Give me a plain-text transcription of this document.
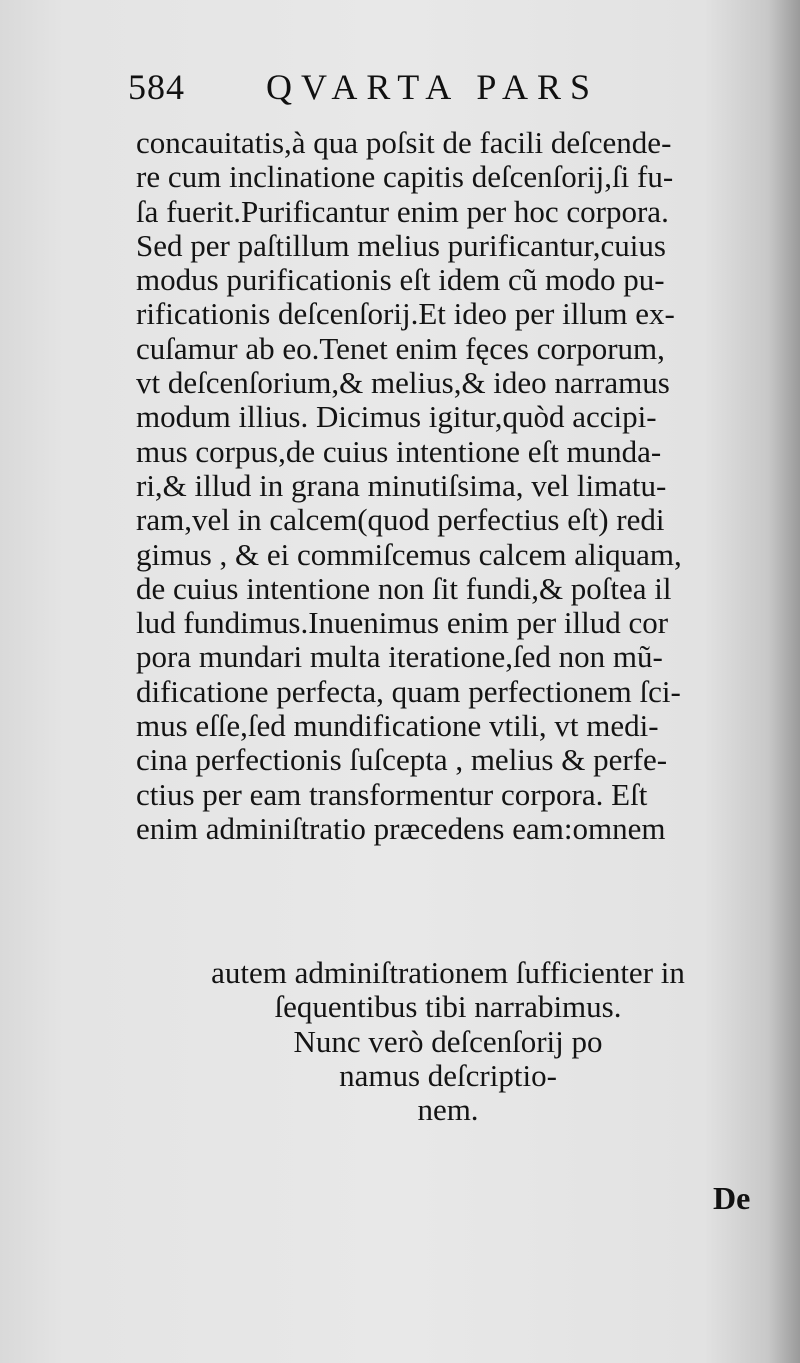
584 QVARTA PARS
concauitatis,à qua poſsit de facili deſcende-
re cum inclinatione capitis deſcenſorij,ſi fu-
ſa fuerit.Purificantur enim per hoc corpora.
Sed per paſtillum melius purificantur,cuius
modus purificationis eſt idem cũ modo pu-
rificationis deſcenſorij.Et ideo per illum ex-
cuſamur ab eo.Tenet enim fęces corporum,
vt deſcenſorium,& melius,& ideo narramus
modum illius. Dicimus igitur,quòd accipi-
mus corpus,de cuius intentione eſt munda-
ri,& illud in grana minutiſsima, vel limatu-
ram,vel in calcem(quod perfectius eſt) redi
gimus , & ei commiſcemus calcem aliquam,
de cuius intentione non ſit fundi,& poſtea il
lud fundimus.Inuenimus enim per illud cor
pora mundari multa iteratione,ſed non mũ-
dificatione perfecta, quam perfectionem ſci-
mus eſſe,ſed mundificatione vtili, vt medi-
cina perfectionis ſuſcepta , melius & perfe-
ctius per eam transformentur corpora. Eſt
enim adminiſtratio præcedens eam:omnem
autem adminiſtrationem ſufficienter in
ſequentibus tibi narrabimus.
Nunc verò deſcenſorij po
namus deſcriptio-
nem.
De
